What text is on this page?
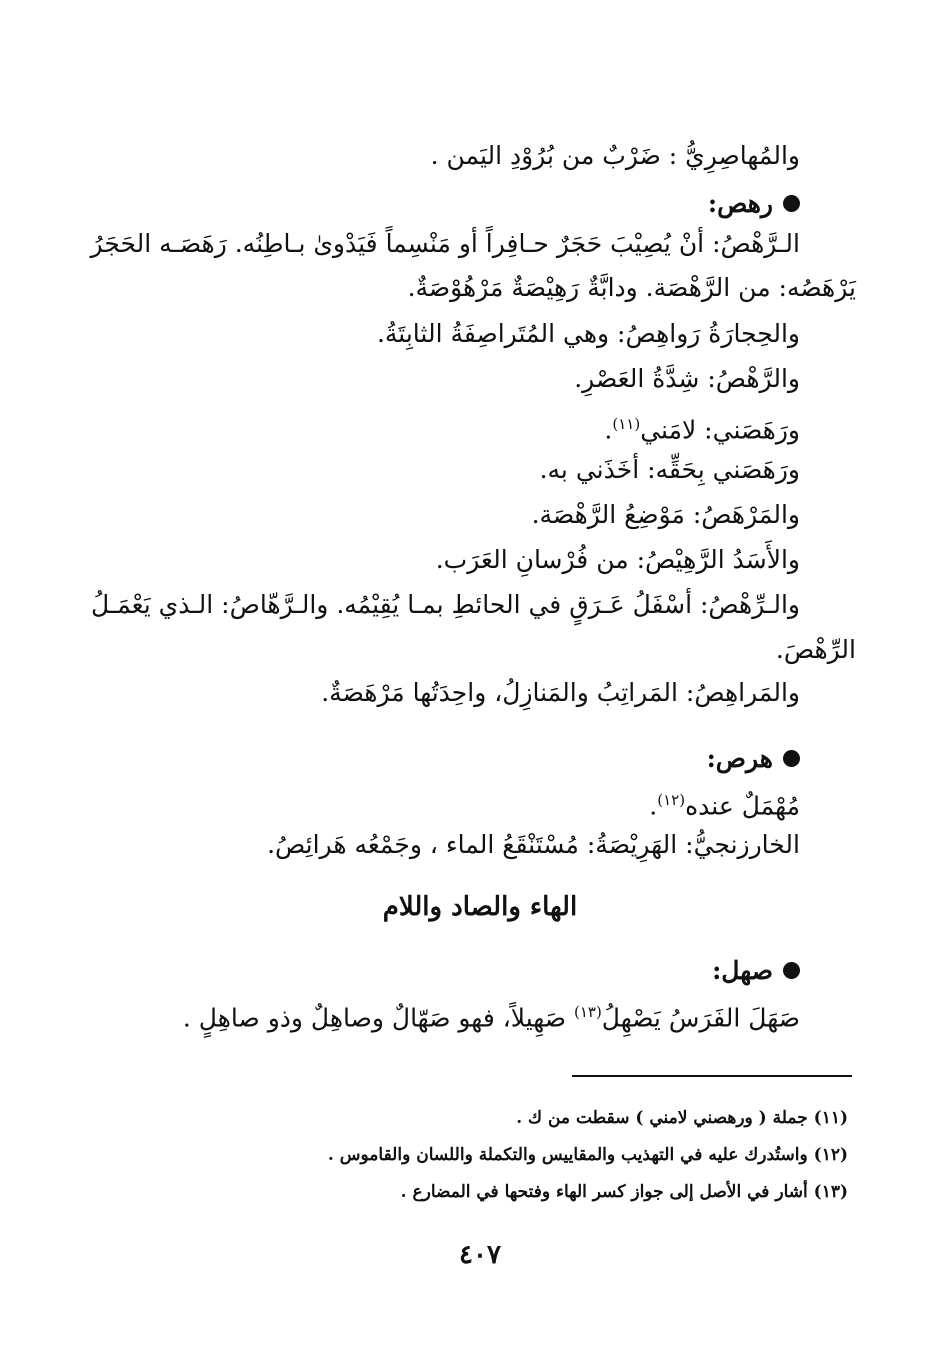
والمُهاصِرِيُّ : ضَرْبٌ من بُرُوْدِ اليَمن .
رهص:
الـرَّهْصُ: أنْ يُصِيْبَ حَجَرٌ حـافِراً أو مَنْسِماً فَيَدْوىٰ بـاطِنُه. رَهَصَـه الحَجَرُ
يَرْهَصُه: من الرَّهْصَة. ودابَّةٌ رَهِيْصَةٌ مَرْهُوْصَةٌ.
والحِجارَةُ رَواهِصُ: وهي المُتَراصِفَةُ الثابِتَةُ.
والرَّهْصُ: شِدَّةُ العَصْرِ.
ورَهَصَني: لامَني$^{(١١)}$.
ورَهَصَني بِحَقِّه: أخَذَني به.
والمَرْهَصُ: مَوْضِعُ الرَّهْصَة.
والأَسَدُ الرَّهِيْصُ: من فُرْسانِ العَرَب.
والـرِّهْصُ: أسْفَلُ عَـرَقٍ في الحائطِ بمـا يُقِيْمُه. والـرَّهّاصُ: الـذي يَعْمَـلُ
الرِّهْصَ.
والمَراهِصُ: المَراتِبُ والمَنازِلُ، واحِدَتُها مَرْهَصَةٌ.
هرص:
مُهْمَلٌ عنده$^{(١٢)}$.
الخارزنجيُّ: الهَرِيْصَةُ: مُسْتَنْقَعُ الماء ، وجَمْعُه هَرائِصُ.
الهاء والصاد واللام
صهل:
صَهَلَ الفَرَسُ يَصْهِلُ$^{(١٣)}$ صَهِيلاً، فهو صَهّالٌ وصاهِلٌ وذو صاهِلٍ .
(١١) جملة ( ورهصني لامني ) سقطت من ك .
(١٢) واستُدرك عليه في التهذيب والمقاييس والتكملة واللسان والقاموس .
(١٣) أشار في الأصل إلى جواز كسر الهاء وفتحها في المضارع .
٤٠٧
